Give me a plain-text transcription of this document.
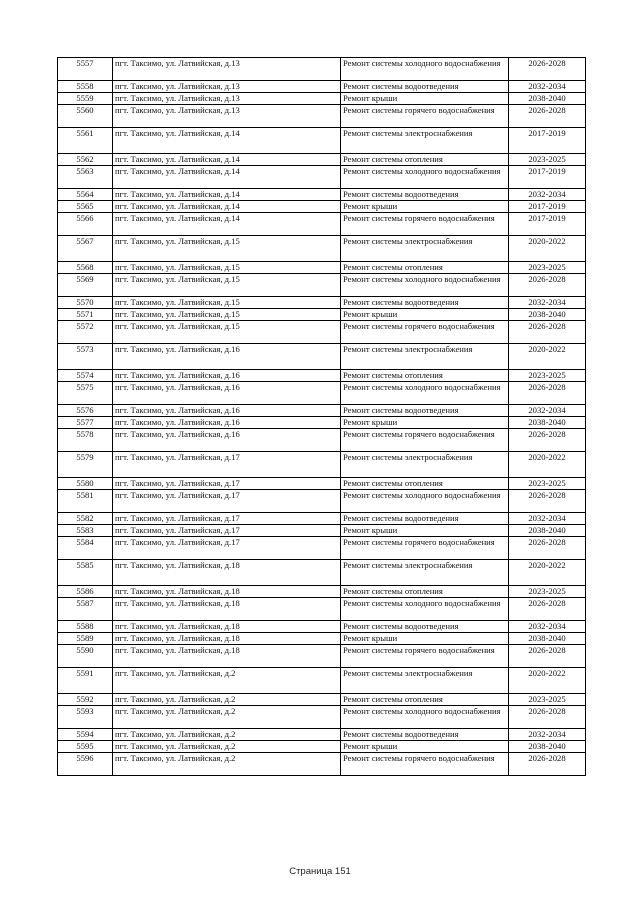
5557	пгт. Таксимо, ул. Латвийская, д.13	Ремонт системы холодного водоснабжения	2026-2028
5558	пгт. Таксимо, ул. Латвийская, д.13	Ремонт системы водоотведения	2032-2034
5559	пгт. Таксимо, ул. Латвийская, д.13	Ремонт крыши	2038-2040
5560	пгт. Таксимо, ул. Латвийская, д.13	Ремонт системы горячего водоснабжения	2026-2028
5561	пгт. Таксимо, ул. Латвийская, д.14	Ремонт системы электроснабжения	2017-2019
5562	пгт. Таксимо, ул. Латвийская, д.14	Ремонт системы отопления	2023-2025
5563	пгт. Таксимо, ул. Латвийская, д.14	Ремонт системы холодного водоснабжения	2017-2019
5564	пгт. Таксимо, ул. Латвийская, д.14	Ремонт системы водоотведения	2032-2034
5565	пгт. Таксимо, ул. Латвийская, д.14	Ремонт крыши	2017-2019
5566	пгт. Таксимо, ул. Латвийская, д.14	Ремонт системы горячего водоснабжения	2017-2019
5567	пгт. Таксимо, ул. Латвийская, д.15	Ремонт системы электроснабжения	2020-2022
5568	пгт. Таксимо, ул. Латвийская, д.15	Ремонт системы отопления	2023-2025
5569	пгт. Таксимо, ул. Латвийская, д.15	Ремонт системы холодного водоснабжения	2026-2028
5570	пгт. Таксимо, ул. Латвийская, д.15	Ремонт системы водоотведения	2032-2034
5571	пгт. Таксимо, ул. Латвийская, д.15	Ремонт крыши	2038-2040
5572	пгт. Таксимо, ул. Латвийская, д.15	Ремонт системы горячего водоснабжения	2026-2028
5573	пгт. Таксимо, ул. Латвийская, д.16	Ремонт системы электроснабжения	2020-2022
5574	пгт. Таксимо, ул. Латвийская, д.16	Ремонт системы отопления	2023-2025
5575	пгт. Таксимо, ул. Латвийская, д.16	Ремонт системы холодного водоснабжения	2026-2028
5576	пгт. Таксимо, ул. Латвийская, д.16	Ремонт системы водоотведения	2032-2034
5577	пгт. Таксимо, ул. Латвийская, д.16	Ремонт крыши	2038-2040
5578	пгт. Таксимо, ул. Латвийская, д.16	Ремонт системы горячего водоснабжения	2026-2028
5579	пгт. Таксимо, ул. Латвийская, д.17	Ремонт системы электроснабжения	2020-2022
5580	пгт. Таксимо, ул. Латвийская, д.17	Ремонт системы отопления	2023-2025
5581	пгт. Таксимо, ул. Латвийская, д.17	Ремонт системы холодного водоснабжения	2026-2028
5582	пгт. Таксимо, ул. Латвийская, д.17	Ремонт системы водоотведения	2032-2034
5583	пгт. Таксимо, ул. Латвийская, д.17	Ремонт крыши	2038-2040
5584	пгт. Таксимо, ул. Латвийская, д.17	Ремонт системы горячего водоснабжения	2026-2028
5585	пгт. Таксимо, ул. Латвийская, д.18	Ремонт системы электроснабжения	2020-2022
5586	пгт. Таксимо, ул. Латвийская, д.18	Ремонт системы отопления	2023-2025
5587	пгт. Таксимо, ул. Латвийская, д.18	Ремонт системы холодного водоснабжения	2026-2028
5588	пгт. Таксимо, ул. Латвийская, д.18	Ремонт системы водоотведения	2032-2034
5589	пгт. Таксимо, ул. Латвийская, д.18	Ремонт крыши	2038-2040
5590	пгт. Таксимо, ул. Латвийская, д.18	Ремонт системы горячего водоснабжения	2026-2028
5591	пгт. Таксимо, ул. Латвийская, д.2	Ремонт системы электроснабжения	2020-2022
5592	пгт. Таксимо, ул. Латвийская, д.2	Ремонт системы отопления	2023-2025
5593	пгт. Таксимо, ул. Латвийская, д.2	Ремонт системы холодного водоснабжения	2026-2028
5594	пгт. Таксимо, ул. Латвийская, д.2	Ремонт системы водоотведения	2032-2034
5595	пгт. Таксимо, ул. Латвийская, д.2	Ремонт крыши	2038-2040
5596	пгт. Таксимо, ул. Латвийская, д.2	Ремонт системы горячего водоснабжения	2026-2028
Страница 151
